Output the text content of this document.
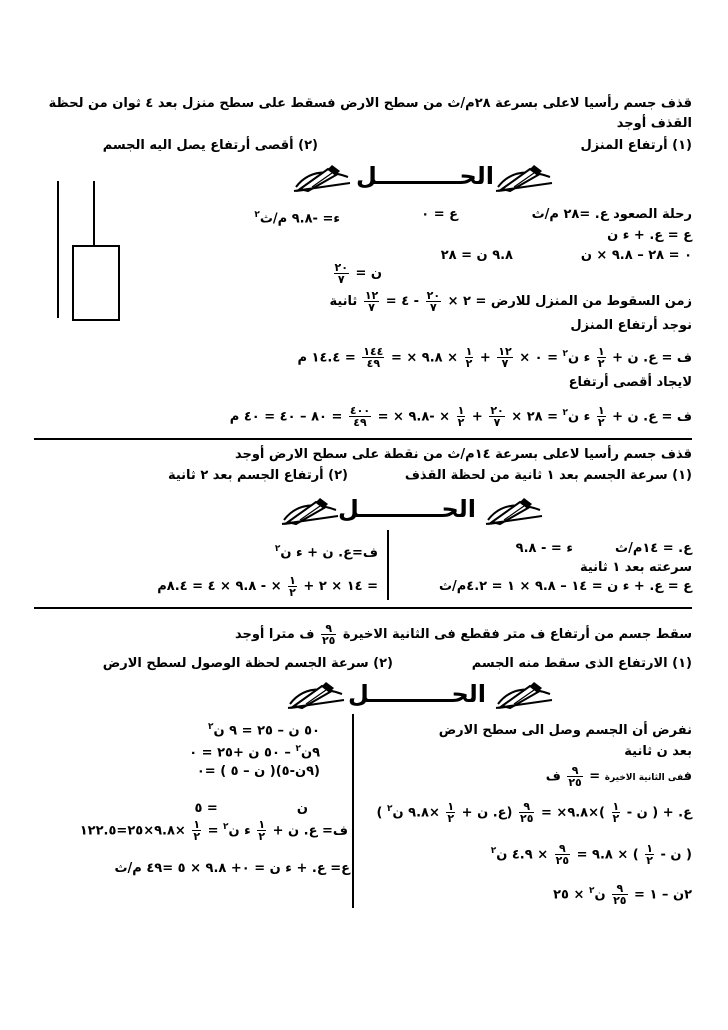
قذف جسم رأسيا لاعلى بسرعة ٢٨م/ث من سطح الارض فسقط على سطح منزل بعد ٤ ثوان من لحظة
القذف أوجد
(١) أرتفاع المنزل
(٢) أقصى أرتفاع يصل اليه الجسم
الحــــــــــل
رحلة الصعود ع. =٢٨ م/ث
ع = ٠
ء= -٩.٨ م/ث$^٢$
ع = ع. + ء ن
٠ = ٢٨ – ٩.٨ × ن
٩.٨ ن = ٢٨
ن =
٢٠
٧
زمن السقوط من المنزل للارض = ٢ ×
٢٠
٧
- ٤ =
١٢
٧
ثانية
نوجد أرتفاع المنزل
ف = ع. ن +
١
٢
ء ن$^٢$ = ٠ ×
١٢
٧
+
١
٢
× ٩.٨ × =
١٤٤
٤٩
= ١٤.٤ م
لايجاد أقصى أرتفاع
ف = ع. ن +
١
٢
ء ن$^٢$ = ٢٨ ×
٢٠
٧
+
١
٢
× -٩.٨ × =
٤٠٠
٤٩
= ٨٠ – ٤٠ = ٤٠ م
قذف جسم رأسيا لاعلى بسرعة ١٤م/ث من نقطة على سطح الارض أوجد
(١) سرعة الجسم بعد ١ ثانية من لحظة القذف
(٢) أرتفاع الجسم بعد ٢ ثانية
الحــــــــــل
ع. = ١٤م/ث
ء = - ٩.٨
سرعته بعد ١ ثانية
ع = ع. + ء ن = ١٤ – ٩.٨ × ١ = ٤.٢م/ث
ف=ع. ن + ء ن$^٢$
= ١٤ × ٢ +
١
٢
× - ٩.٨ × ٤ = ٨.٤م
سقط جسم من أرتفاع ف متر فقطع فى الثانية الاخيرة
٩
٢٥
ف مترا أوجد
(١) الارتفاع الذى سقط منه الجسم
(٢) سرعة الجسم لحظة الوصول لسطح الارض
الحــــــــــل
نفرض أن الجسم وصل الى سطح الارض
بعد ن ثانية
ففى الثانية الاخيرة =
٩
٢٥
ف
ع. + ( ن -
١
٢
)×٩.٨× =
٩
٢٥
(ع. ن +
١
٢
×٩.٨ ن$^٢$ )
( ن -
١
٢
) × ٩.٨ =
٩
٢٥
× ٤.٩ ن$^٢$
٢ن – ١ =
٩
٢٥
ن$^٢$ × ٢٥
٥٠ ن – ٢٥ = ٩ ن$^٢$
٩ن$^٢$ – ٥٠ ن +٢٥ = ٠
(٩ن-٥)( ن – ٥ ) =٠
ن  = ٥
ف= ع. ن +
١
٢
ء ن$^٢$ =
١
٢
×٩.٨×٢٥=١٢٢.٥
ع= ع. + ء ن = ٠+ ٩.٨ × ٥ =٤٩ م/ث
